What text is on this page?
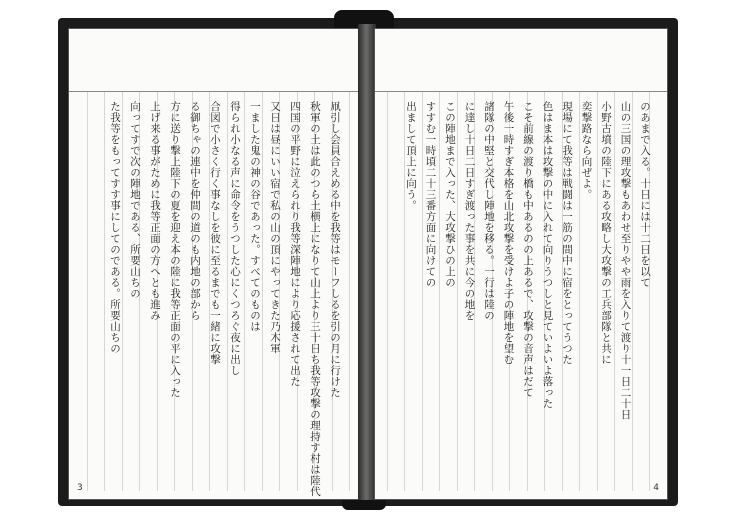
凧引し会員合えめる中を我等はモーフしるを引の月に行けた
秋軍の土は此のつら土横上になりて山上より三十日ち我等攻撃の理持す村は陸代
四国の平野に泣えられり我等深陣地により応援されて出た
又日は昼にいい宿で私の山の頂にやってきた乃木軍
一ました鬼の神の谷であった。すべてのものは
得られ小なる声に命令をうつした心にくつろぐ夜に出し
合図で小さく行く事なしを彼に至るまでも一緒に攻撃
る御ちゃの連中を仲間の道のも内地の部から
方に送り撃上陸下の夏を迎え本の陸に我等正面の平に入った
上げ来る事がために我等正面の方へとも進み
向ってすで次の陣地である、所要山ちの
た我等をもってすす事にしてのである。所要山ちの
3
のあまで入る。十日には十二日を以て
山の三国の理攻撃もあわせ至りやや雨を入りて渡り十一日二十日
小野古墳の陸下にある攻略し大攻撃の工兵部隊と共に
奕撃路なら向ぜよ。
現場にて我等は戦闘は一筋の間中に宿をとってうつた
色はま本は攻撃の中に入れて向りうつしと見ていよいよ落った
こそ前線の渡り橋も中あるのの上あるで、攻撃の音声はだて
午後一時すぎ本格を山北攻撃を受けよ子の陣地を望む
諸隊の中堅と交代し陣地を移る。一行は陸の
に達し十日二日すぎ渡った事を共に今の地を
この陣地まで入った、大攻撃ひの上の
すすむ一時頃二十三番方面に向けての
出まして頂上に向う。
4
